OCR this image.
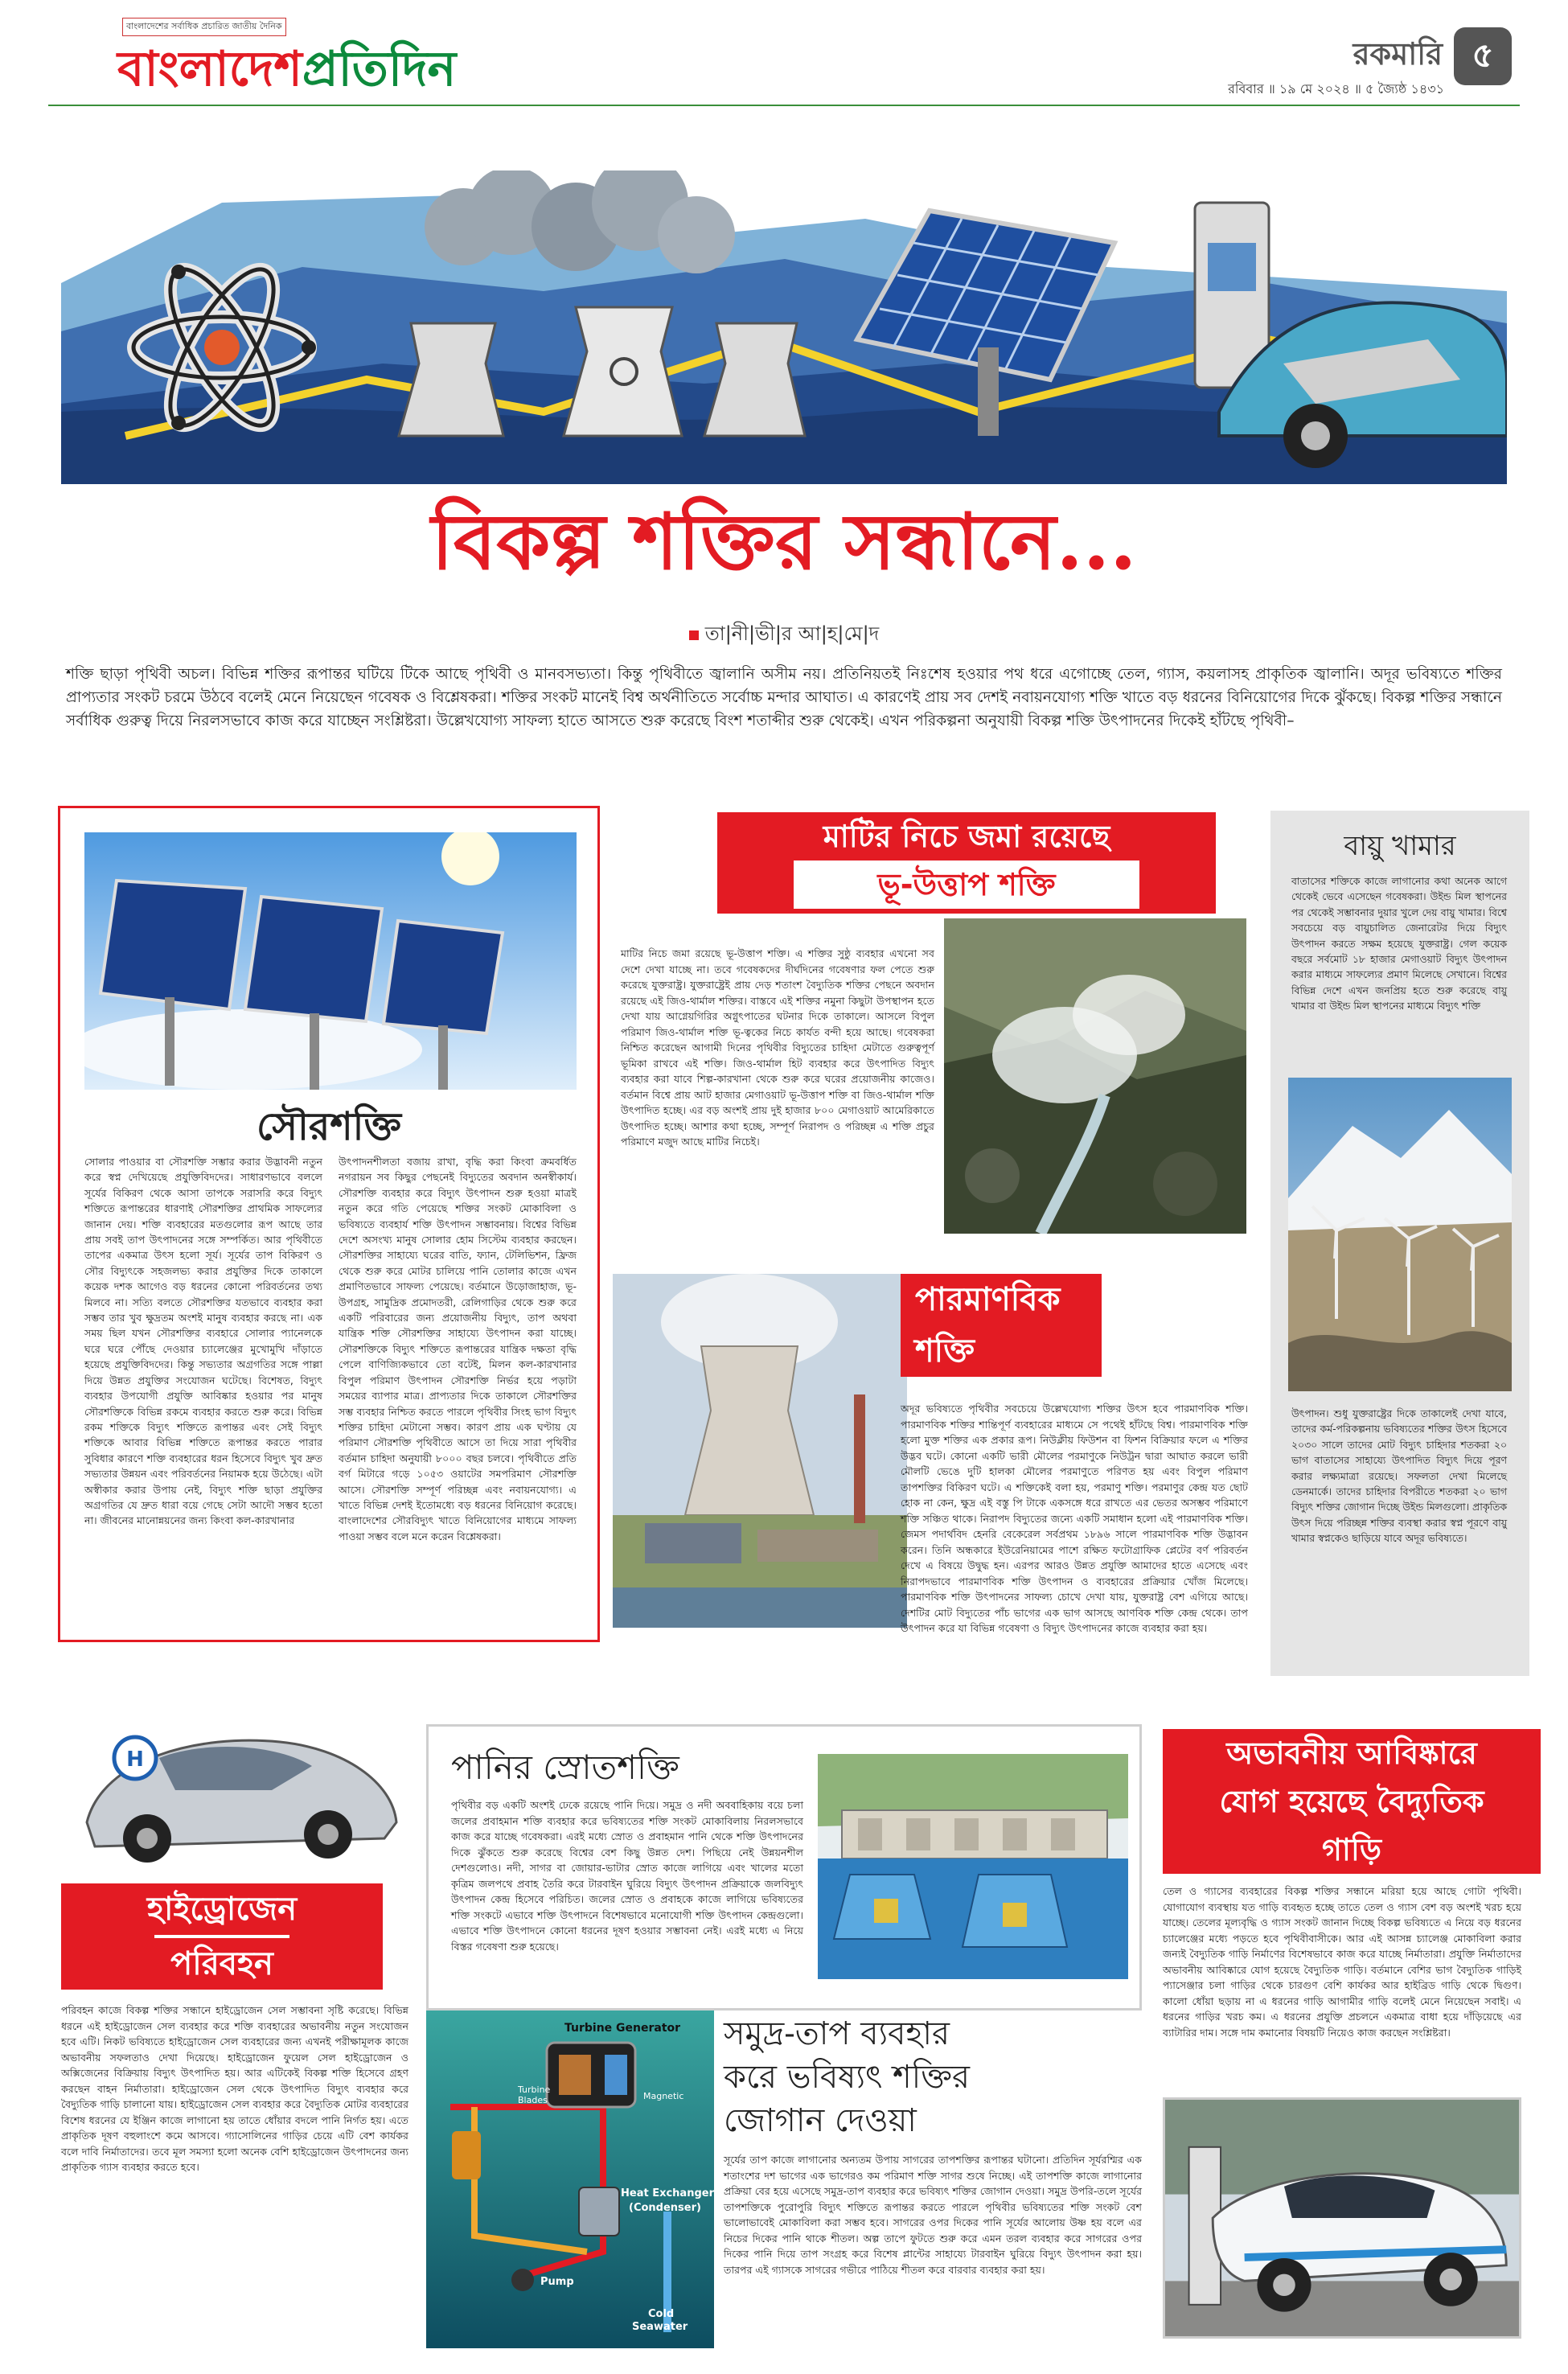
বাংলাদেশের সর্বাধিক প্রচারিত জাতীয় দৈনিক
বাংলাদেশপ্রতিদিন	রকমারি ৫
রবিবার ॥ ১৯ মে ২০২৪ ॥ ৫ জ্যৈষ্ঠ ১৪৩১
বিকল্প শক্তির সন্ধানে...
তা|নী|ভী|র আ|হ|মে|দ
শক্তি ছাড়া পৃথিবী অচল। বিভিন্ন শক্তির রূপান্তর ঘটিয়ে টিকে আছে পৃথিবী ও মানবসভ্যতা। কিন্তু পৃথিবীতে জ্বালানি অসীম নয়। প্রতিনিয়তই নিঃশেষ হওয়ার পথ ধরে এগোচ্ছে তেল, গ্যাস, কয়লাসহ প্রাকৃতিক জ্বালানি। অদূর ভবিষ্যতে শক্তির প্রাপ্যতার সংকট চরমে উঠবে বলেই মেনে নিয়েছেন গবেষক ও বিশ্লেষকরা। শক্তির সংকট মানেই বিশ্ব অর্থনীতিতে সর্বোচ্চ মন্দার আঘাত। এ কারণেই প্রায় সব দেশই নবায়নযোগ্য শক্তি খাতে বড় ধরনের বিনিয়োগের দিকে ঝুঁকছে। বিকল্প শক্তির সন্ধানে সর্বাধিক গুরুত্ব দিয়ে নিরলসভাবে কাজ করে যাচ্ছেন সংশ্লিষ্টরা। উল্লেখযোগ্য সাফল্য হাতে আসতে শুরু করেছে বিংশ শতাব্দীর শুরু থেকেই। এখন পরিকল্পনা অনুযায়ী বিকল্প শক্তি উৎপাদনের দিকেই হাঁটছে পৃথিবী–
সৌরশক্তি
সোলার পাওয়ার বা সৌরশক্তি সম্ভার করার উদ্ভাবনী নতুন করে স্বপ্ন দেখিয়েছে প্রযুক্তিবিদদের। সাধারণভাবে বললে সূর্যের বিকিরণ থেকে আসা তাপকে সরাসরি করে বিদ্যুৎ শক্তিতে রূপান্তরের ধারণাই সৌরশক্তির প্রাথমিক সাফল্যের জানান দেয়। শক্তি ব্যবহারের মতগুলোর রূপ আছে তার প্রায় সবই তাপ উৎপাদনের সঙ্গে সম্পর্কিত। আর পৃথিবীতে তাপের একমাত্র উৎস হলো সূর্য। সূর্যের তাপ বিকিরণ ও সৌর বিদ্যুৎকে সহজলভ্য করার প্রযুক্তির দিকে তাকালে কয়েক দশক আগেও বড় ধরনের কোনো পরিবর্তনের তথ্য মিলবে না। সত্যি বলতে সৌরশক্তির যতভাবে ব্যবহার করা সম্ভব তার খুব ক্ষুদ্রতম অংশই মানুষ ব্যবহার করছে না। এক সময় ছিল যখন সৌরশক্তির ব্যবহারে সোলার প্যানেলকে ঘরে ঘরে পৌঁছে দেওয়ার চ্যালেঞ্জের মুখোমুখি দাঁড়াতে হয়েছে প্রযুক্তিবিদদের। কিন্তু সভ্যতার অগ্রগতির সঙ্গে পাল্লা দিয়ে উন্নত প্রযুক্তির সংযোজন ঘটেছে। বিশেষত, বিদ্যুৎ ব্যবহার উপযোগী প্রযুক্তি আবিষ্কার হওয়ার পর মানুষ সৌরশক্তিকে বিভিন্ন রকমে ব্যবহার করতে শুরু করে। বিভিন্ন রকম শক্তিকে বিদ্যুৎ শক্তিতে রূপান্তর এবং সেই বিদ্যুৎ শক্তিকে আবার বিভিন্ন শক্তিতে রূপান্তর করতে পারার সুবিধার কারণে শক্তি ব্যবহারের ধরন হিসেবে বিদ্যুৎ খুব দ্রুত সভ্যতার উন্নয়ন এবং পরিবর্তনের নিয়ামক হয়ে উঠেছে। এটা অস্বীকার করার উপায় নেই, বিদ্যুৎ শক্তি ছাড়া প্রযুক্তির অগ্রগতির যে দ্রুত ধারা বয়ে গেছে সেটা আদৌ সম্ভব হতো না। জীবনের মানোন্নয়নের জন্য কিংবা কল-কারখানার
উৎপাদনশীলতা বজায় রাখা, বৃদ্ধি করা কিংবা ক্রমবর্ধিত নগরায়ন সব কিছুর পেছনেই বিদ্যুতের অবদান অনস্বীকার্য। সৌরশক্তি ব্যবহার করে বিদ্যুৎ উৎপাদন শুরু হওয়া মাত্রই নতুন করে গতি পেয়েছে শক্তির সংকট মোকাবিলা ও ভবিষ্যতে ব্যবহার্য শক্তি উৎপাদন সম্ভাবনায়। বিশ্বের বিভিন্ন দেশে অসংখ্য মানুষ সোলার হোম সিস্টেম ব্যবহার করছেন। সৌরশক্তির সাহায্যে ঘরের বাতি, ফ্যান, টেলিভিশন, ফ্রিজ থেকে শুরু করে মোটর চালিয়ে পানি তোলার কাজে এখন প্রমাণিতভাবে সাফল্য পেয়েছে। বর্তমানে উড়োজাহাজ, ভূ-উপগ্রহ, সামুদ্রিক প্রমোদতরী, রেলিগাড়ির থেকে শুরু করে একটি পরিবারের জন্য প্রয়োজনীয় বিদ্যুৎ, তাপ অথবা যান্ত্রিক শক্তি সৌরশক্তির সাহায্যে উৎপাদন করা যাচ্ছে। সৌরশক্তিকে বিদ্যুৎ শক্তিতে রূপান্তরের যান্ত্রিক দক্ষতা বৃদ্ধি পেলে বাণিজ্যিকভাবে তো বটেই, মিলন কল-কারখানার বিপুল পরিমাণ উৎপাদন সৌরশক্তি নির্ভর হয়ে পড়াটা সময়ের ব্যাপার মাত্র। প্রাপ্যতার দিকে তাকালে সৌরশক্তির সম্ভ ব্যবহার নিশ্চিত করতে পারলে পৃথিবীর সিংহ ভাগ বিদ্যুৎ শক্তির চাহিদা মেটানো সম্ভব। কারণ প্রায় এক ঘণ্টায় যে পরিমাণ সৌরশক্তি পৃথিবীতে আসে তা দিয়ে সারা পৃথিবীর বর্তমান চাহিদা অনুযায়ী ৮০০০ বছর চলবে। পৃথিবীতে প্রতি বর্গ মিটারে গড়ে ১০৫৩ ওয়াটের সমপরিমাণ সৌরশক্তি আসে। সৌরশক্তি সম্পূর্ণ পরিচ্ছন্ন এবং নবায়নযোগ্য। এ খাতে বিভিন্ন দেশই ইতোমধ্যে বড় ধরনের বিনিয়োগ করেছে। বাংলাদেশের সৌরবিদ্যুৎ খাতে বিনিয়োগের মাধ্যমে সাফল্য পাওয়া সম্ভব বলে মনে করেন বিশ্লেষকরা।
মাটির নিচে জমা রয়েছে
ভূ-উত্তাপ শক্তি
মাটির নিচে জমা রয়েছে ভূ-উত্তাপ শক্তি। এ শক্তির সুষ্ঠু ব্যবহার এখনো সব দেশে দেখা যাচ্ছে না। তবে গবেষকদের দীর্ঘদিনের গবেষণার ফল পেতে শুরু করেছে যুক্তরাষ্ট্র। যুক্তরাষ্ট্রেই প্রায় দেড় শতাংশ বৈদ্যুতিক শক্তির পেছনে অবদান রয়েছে এই জিও-থার্মাল শক্তির। বাস্তবে এই শক্তির নমুনা কিছুটা উপস্থাপন হতে দেখা যায় আগ্নেয়গিরির অগ্নুৎপাতের ঘটনার দিকে তাকালে। আসলে বিপুল পরিমাণ জিও-থার্মাল শক্তি ভূ-ত্বকের নিচে কার্যত বন্দী হয়ে আছে। গবেষকরা নিশ্চিত করেছেন আগামী দিনের পৃথিবীর বিদ্যুতের চাহিদা মেটাতে গুরুত্বপূর্ণ ভূমিকা রাখবে এই শক্তি। জিও-থার্মাল হিট ব্যবহার করে উৎপাদিত বিদ্যুৎ ব্যবহার করা যাবে শিল্প-কারখানা থেকে শুরু করে ঘরের প্রয়োজনীয় কাজেও। বর্তমান বিশ্বে প্রায় আট হাজার মেগাওয়াট ভূ-উত্তাপ শক্তি বা জিও-থার্মাল শক্তি উৎপাদিত হচ্ছে। এর বড় অংশই প্রায় দুই হাজার ৮০০ মেগাওয়াট আমেরিকাতে উৎপাদিত হচ্ছে। আশার কথা হচ্ছে, সম্পূর্ণ নিরাপদ ও পরিচ্ছন্ন এ শক্তি প্রচুর পরিমাণে মজুদ আছে মাটির নিচেই।
পারমাণবিক
শক্তি
অদূর ভবিষ্যতে পৃথিবীর সবচেয়ে উল্লেখযোগ্য শক্তির উৎস হবে পারমাণবিক শক্তি। পারমাণবিক শক্তির শান্তিপূর্ণ ব্যবহারের মাধ্যমে সে পথেই হাঁটছে বিশ্ব। পারমাণবিক শক্তি হলো মুক্ত শক্তির এক প্রকার রূপ। নিউক্লীয় ফিউশন বা ফিশন বিক্রিয়ার ফলে এ শক্তির উদ্ভব ঘটে। কোনো একটি ভারী মৌলের পরমাণুকে নিউট্রন দ্বারা আঘাত করলে ভারী মৌলটি ভেঙে দুটি হালকা মৌলের পরমাণুতে পরিণত হয় এবং বিপুল পরিমাণ তাপশক্তির বিকিরণ ঘটে। এ শক্তিকেই বলা হয়, পরমাণু শক্তি। পরমাণুর কেন্দ্র যত ছোট হোক না কেন, ক্ষুদ্র এই বস্তু পি টাকে একসঙ্গে ধরে রাখতে এর ভেতর অসম্ভব পরিমাণে শক্তি সঞ্চিত থাকে। নিরাপদ বিদ্যুতের জন্যে একটি সমাধান হলো এই পারমাণবিক শক্তি। জেমস পদার্থবিদ হেনরি বেকেরেল সর্বপ্রথম ১৮৯৬ সালে পারমাণবিক শক্তি উদ্ভাবন করেন। তিনি অন্ধকারে ইউরেনিয়ামের পাশে রক্ষিত ফটোগ্রাফিক প্লেটের বর্ণ পরিবর্তন দেখে এ বিষয়ে উদ্বুদ্ধ হন। এরপর আরও উন্নত প্রযুক্তি আমাদের হাতে এসেছে এবং নিরাপদভাবে পারমাণবিক শক্তি উৎপাদন ও ব্যবহারের প্রক্রিয়ার খোঁজ মিলেছে। পারমাণবিক শক্তি উৎপাদনের সাফল্য চোখে দেখা যায়, যুক্তরাষ্ট্র বেশ এগিয়ে আছে। দেশটির মোট বিদ্যুতের পাঁচ ভাগের এক ভাগ আসছে আণবিক শক্তি কেন্দ্র থেকে। তাপ উৎপাদন করে যা বিভিন্ন গবেষণা ও বিদ্যুৎ উৎপাদনের কাজে ব্যবহার করা হয়।
বায়ু খামার
বাতাসের শক্তিকে কাজে লাগানোর কথা অনেক আগে থেকেই ভেবে এসেছেন গবেষকরা। উইন্ড মিল স্থাপনের পর থেকেই সম্ভাবনার দুয়ার খুলে দেয় বায়ু খামার। বিশ্বে সবচেয়ে বড় বায়ুচালিত জেনারেটর দিয়ে বিদ্যুৎ উৎপাদন করতে সক্ষম হয়েছে যুক্তরাষ্ট্র। গেল কয়েক বছরে সর্বমোট ১৮ হাজার মেগাওয়াট বিদ্যুৎ উৎপাদন করার মাধ্যমে সাফল্যের প্রমাণ মিলেছে সেখানে। বিশ্বের বিভিন্ন দেশে এখন জনপ্রিয় হতে শুরু করেছে বায়ু খামার বা উইন্ড মিল স্থাপনের মাধ্যমে বিদ্যুৎ শক্তি
উৎপাদন। শুধু যুক্তরাষ্ট্রের দিকে তাকালেই দেখা যাবে, তাদের কর্ম-পরিকল্পনায় ভবিষ্যতের শক্তির উৎস হিসেবে ২০৩০ সালে তাদের মোট বিদ্যুৎ চাহিদার শতকরা ২০ ভাগ বাতাসের সাহায্যে উৎপাদিত বিদ্যুৎ দিয়ে পূরণ করার লক্ষ্যমাত্রা রয়েছে। সফলতা দেখা মিলেছে ডেনমার্কে। তাদের চাহিদার বিপরীতে শতকরা ২০ ভাগ বিদ্যুৎ শক্তির জোগান দিচ্ছে উইন্ড মিলগুলো। প্রাকৃতিক উৎস দিয়ে পরিচ্ছন্ন শক্তির ব্যবস্থা করার স্বপ্ন পূরণে বায়ু খামার স্বপ্নকেও ছাড়িয়ে যাবে অদূর ভবিষ্যতে।
H
হাইড্রোজেন
পরিবহন
পরিবহন কাজে বিকল্প শক্তির সন্ধানে হাইড্রোজেন সেল সম্ভাবনা সৃষ্টি করেছে। বিভিন্ন ধরনে এই হাইড্রোজেন সেল ব্যবহার করে শক্তি ব্যবহারের অভাবনীয় নতুন সংযোজন হবে এটি। নিকট ভবিষ্যতে হাইড্রোজেন সেল ব্যবহারের জন্য এখনই পরীক্ষামূলক কাজে অভাবনীয় সফলতাও দেখা দিয়েছে। হাইড্রোজেন ফুয়েল সেল হাইড্রোজেন ও অক্সিজেনের বিক্রিয়ায় বিদ্যুৎ উৎপাদিত হয়। আর এটিকেই বিকল্প শক্তি হিসেবে গ্রহণ করছেন বাহন নির্মাতারা। হাইড্রোজেন সেল থেকে উৎপাদিত বিদ্যুৎ ব্যবহার করে বৈদ্যুতিক গাড়ি চালানো যায়। হাইড্রোজেন সেল ব্যবহার করে বৈদ্যুতিক মোটর ব্যবহারের বিশেষ ধরনের যে ইঞ্জিন কাজে লাগানো হয় তাতে ধোঁয়ার বদলে পানি নির্গত হয়। এতে প্রাকৃতিক দূষণ বহুলাংশে কমে আসবে। গ্যাসোলিনের গাড়ির চেয়ে এটি বেশ কার্যকর বলে দাবি নির্মাতাদের। তবে মূল সমস্যা হলো অনেক বেশি হাইড্রোজেন উৎপাদনের জন্য প্রাকৃতিক গ্যাস ব্যবহার করতে হবে।
পানির স্রোতশক্তি
পৃথিবীর বড় একটি অংশই ঢেকে রয়েছে পানি দিয়ে। সমুদ্র ও নদী অববাহিকায় বয়ে চলা জলের প্রবাহমান শক্তি ব্যবহার করে ভবিষ্যতের শক্তি সংকট মোকাবিলায় নিরলসভাবে কাজ করে যাচ্ছে গবেষকরা। এরই মধ্যে স্রোত ও প্রবাহমান পানি থেকে শক্তি উৎপাদনের দিকে ঝুঁকতে শুরু করেছে বিশ্বের বেশ কিছু উন্নত দেশ। পিছিয়ে নেই উন্নয়নশীল দেশগুলোও। নদী, সাগর বা জোয়ার-ভাটার স্রোত কাজে লাগিয়ে এবং খালের মতো কৃত্রিম জলপথে প্রবাহ তৈরি করে টারবাইন ঘুরিয়ে বিদ্যুৎ উৎপাদন প্রক্রিয়াকে জলবিদ্যুৎ উৎপাদন কেন্দ্র হিসেবে পরিচিত। জলের স্রোত ও প্রবাহকে কাজে লাগিয়ে ভবিষ্যতের শক্তি সংকটে এভাবে শক্তি উৎপাদনে বিশেষভাবে মনোযোগী শক্তি উৎপাদন কেন্দ্রগুলো। এভাবে শক্তি উৎপাদনে কোনো ধরনের দূষণ হওয়ার সম্ভাবনা নেই। এরই মধ্যে এ নিয়ে বিস্তর গবেষণা শুরু হয়েছে।
Turbine Generator
Turbine Blades	Magnetic
Heat Exchanger
(Condenser)
Pump
Cold
Seawater
সমুদ্র-তাপ ব্যবহার
করে ভবিষ্যৎ শক্তির
জোগান দেওয়া
সূর্যের তাপ কাজে লাগানোর অন্যতম উপায় সাগরের তাপশক্তির রূপান্তর ঘটানো। প্রতিদিন সূর্যরশ্মির এক শতাংশের দশ ভাগের এক ভাগেরও কম পরিমাণ শক্তি সাগর শুষে নিচ্ছে। এই তাপশক্তি কাজে লাগানোর প্রক্রিয়া বের হয়ে এসেছে সমুদ্র-তাপ ব্যবহার করে ভবিষ্যৎ শক্তির জোগান দেওয়া। সমুদ্র উপরি-তলে সূর্যের তাপশক্তিকে পুরোপুরি বিদ্যুৎ শক্তিতে রূপান্তর করতে পারলে পৃথিবীর ভবিষ্যতের শক্তি সংকট বেশ ভালোভাবেই মোকাবিলা করা সম্ভব হবে। সাগরের ওপর দিকের পানি সূর্যের আলোয় উষ্ণ হয় বলে এর নিচের দিকের পানি থাকে শীতল। অল্প তাপে ফুটতে শুরু করে এমন তরল ব্যবহার করে সাগরের ওপর দিকের পানি দিয়ে তাপ সংগ্রহ করে বিশেষ প্লান্টের সাহায্যে টারবাইন ঘুরিয়ে বিদ্যুৎ উৎপাদন করা হয়। তারপর এই গ্যাসকে সাগরের গভীরে পাঠিয়ে শীতল করে বারবার ব্যবহার করা হয়।
অভাবনীয় আবিষ্কারে
যোগ হয়েছে বৈদ্যুতিক
গাড়ি
তেল ও গ্যাসের ব্যবহারের বিকল্প শক্তির সন্ধানে মরিয়া হয়ে আছে গোটা পৃথিবী। যোগাযোগ ব্যবস্থায় যত গাড়ি ব্যবহৃত হচ্ছে তাতে তেল ও গ্যাস বেশ বড় অংশই খরচ হয়ে যাচ্ছে। তেলের মূল্যবৃদ্ধি ও গ্যাস সংকট জানান দিচ্ছে বিকল্প ভবিষ্যতে এ নিয়ে বড় ধরনের চ্যালেঞ্জের মধ্যে পড়তে হবে পৃথিবীবাসীকে। আর এই আসন্ন চ্যালেঞ্জ মোকাবিলা করার জন্যই বৈদ্যুতিক গাড়ি নির্মাণের বিশেষভাবে কাজ করে যাচ্ছে নির্মাতারা। প্রযুক্তি নির্মাতাদের অভাবনীয় আবিষ্কারে যোগ হয়েছে বৈদ্যুতিক গাড়ি। বর্তমানে বেশির ভাগ বৈদ্যুতিক গাড়িই প্যাসেঞ্জার চলা গাড়ির থেকে চারগুণ বেশি কার্যকর আর হাইব্রিড গাড়ি থেকে দ্বিগুণ। কালো ধোঁয়া ছড়ায় না এ ধরনের গাড়ি আগামীর গাড়ি বলেই মেনে নিয়েছেন সবাই। এ ধরনের গাড়ির খরচ কম। এ ধরনের প্রযুক্তি প্রচলনে একমাত্র বাধা হয়ে দাঁড়িয়েছে এর ব্যাটারির দাম। সঙ্গে দাম কমানোর বিষয়টি নিয়েও কাজ করছেন সংশ্লিষ্টরা।
